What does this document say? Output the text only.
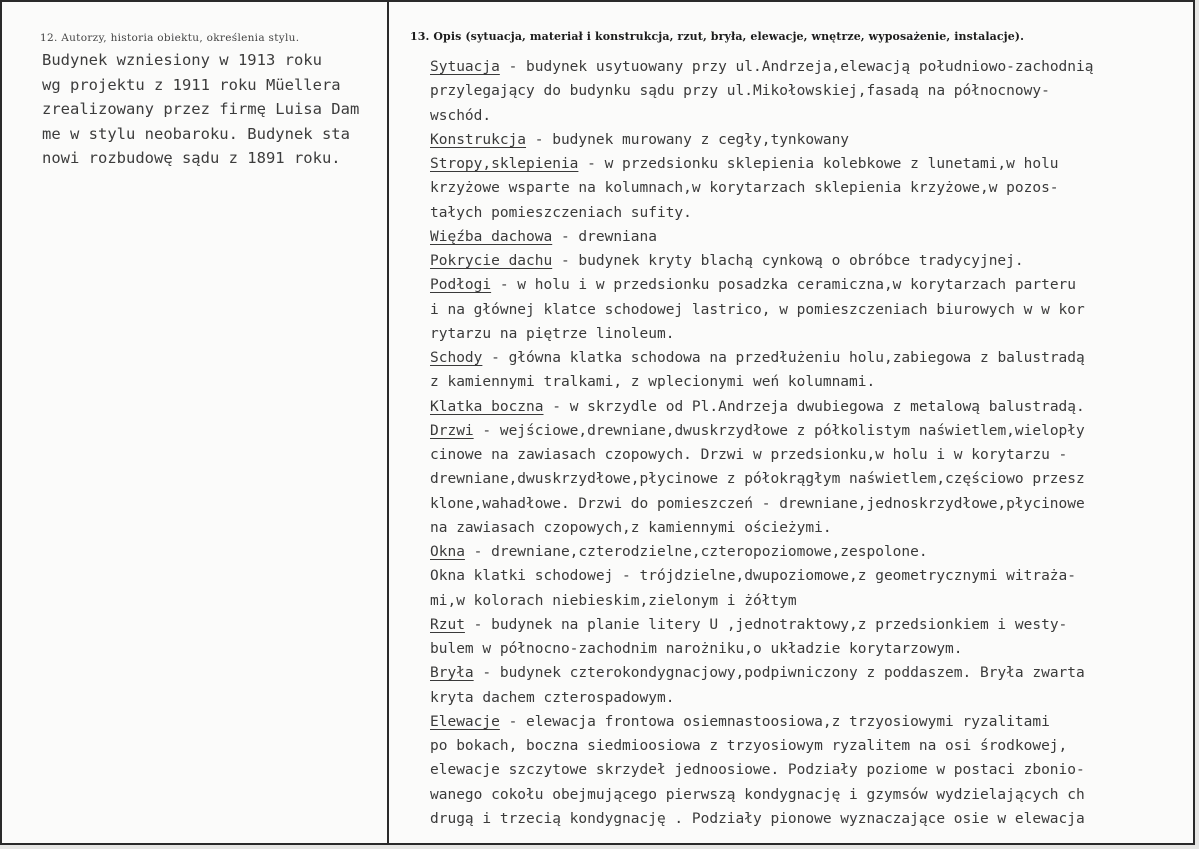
12. Autorzy, historia obiektu, określenia stylu.
Budynek wzniesiony w 1913 roku
wg projektu z 1911 roku Müellera
zrealizowany przez firmę Luisa Dam
me w stylu neobaroku. Budynek sta
nowi rozbudowę sądu z 1891 roku.
13. Opis (sytuacja, materiał i konstrukcja, rzut, bryła, elewacje, wnętrze, wyposażenie, instalacje).
Sytuacja - budynek usytuowany przy ul.Andrzeja,elewacją południowo-zachodnią
przylegający do budynku sądu przy ul.Mikołowskiej,fasadą na północnowy-
wschód.
Konstrukcja - budynek murowany z cegły,tynkowany
Stropy,sklepienia - w przedsionku sklepienia kolebkowe z lunetami,w holu
krzyżowe wsparte na kolumnach,w korytarzach sklepienia krzyżowe,w pozos-
tałych pomieszczeniach sufity.
Więźba dachowa - drewniana
Pokrycie dachu - budynek kryty blachą cynkową o obróbce tradycyjnej.
Podłogi - w holu i w przedsionku posadzka ceramiczna,w korytarzach parteru
i na głównej klatce schodowej lastrico, w pomieszczeniach biurowych w w kor
rytarzu na piętrze linoleum.
Schody - główna klatka schodowa na przedłużeniu holu,zabiegowa z balustradą
z kamiennymi tralkami, z wplecionymi weń kolumnami.
Klatka boczna - w skrzydle od Pl.Andrzeja dwubiegowa z metalową balustradą.
Drzwi - wejściowe,drewniane,dwuskrzydłowe z półkolistym naświetlem,wielopły
cinowe na zawiasach czopowych. Drzwi w przedsionku,w holu i w korytarzu -
drewniane,dwuskrzydłowe,płycinowe z półokrągłym naświetlem,częściowo przesz
klone,wahadłowe. Drzwi do pomieszczeń - drewniane,jednoskrzydłowe,płycinowe
na zawiasach czopowych,z kamiennymi ościeżymi.
Okna - drewniane,czterodzielne,czteropoziomowe,zespolone.
Okna klatki schodowej - trójdzielne,dwupoziomowe,z geometrycznymi witraża-
mi,w kolorach niebieskim,zielonym i żółtym
Rzut - budynek na planie litery U ,jednotraktowy,z przedsionkiem i westy-
bulem w północno-zachodnim narożniku,o układzie korytarzowym.
Bryła - budynek czterokondygnacjowy,podpiwniczony z poddaszem. Bryła zwarta
kryta dachem czterospadowym.
Elewacje - elewacja frontowa osiemnastoosiowa,z trzyosiowymi ryzalitami
po bokach, boczna siedmioosiowa z trzyosiowym ryzalitem na osi środkowej,
elewacje szczytowe skrzydeł jednoosiowe. Podziały poziome w postaci zbonio-
wanego cokołu obejmującego pierwszą kondygnację i gzymsów wydzielających ch
drugą i trzecią kondygnację . Podziały pionowe wyznaczające osie w elewacja
